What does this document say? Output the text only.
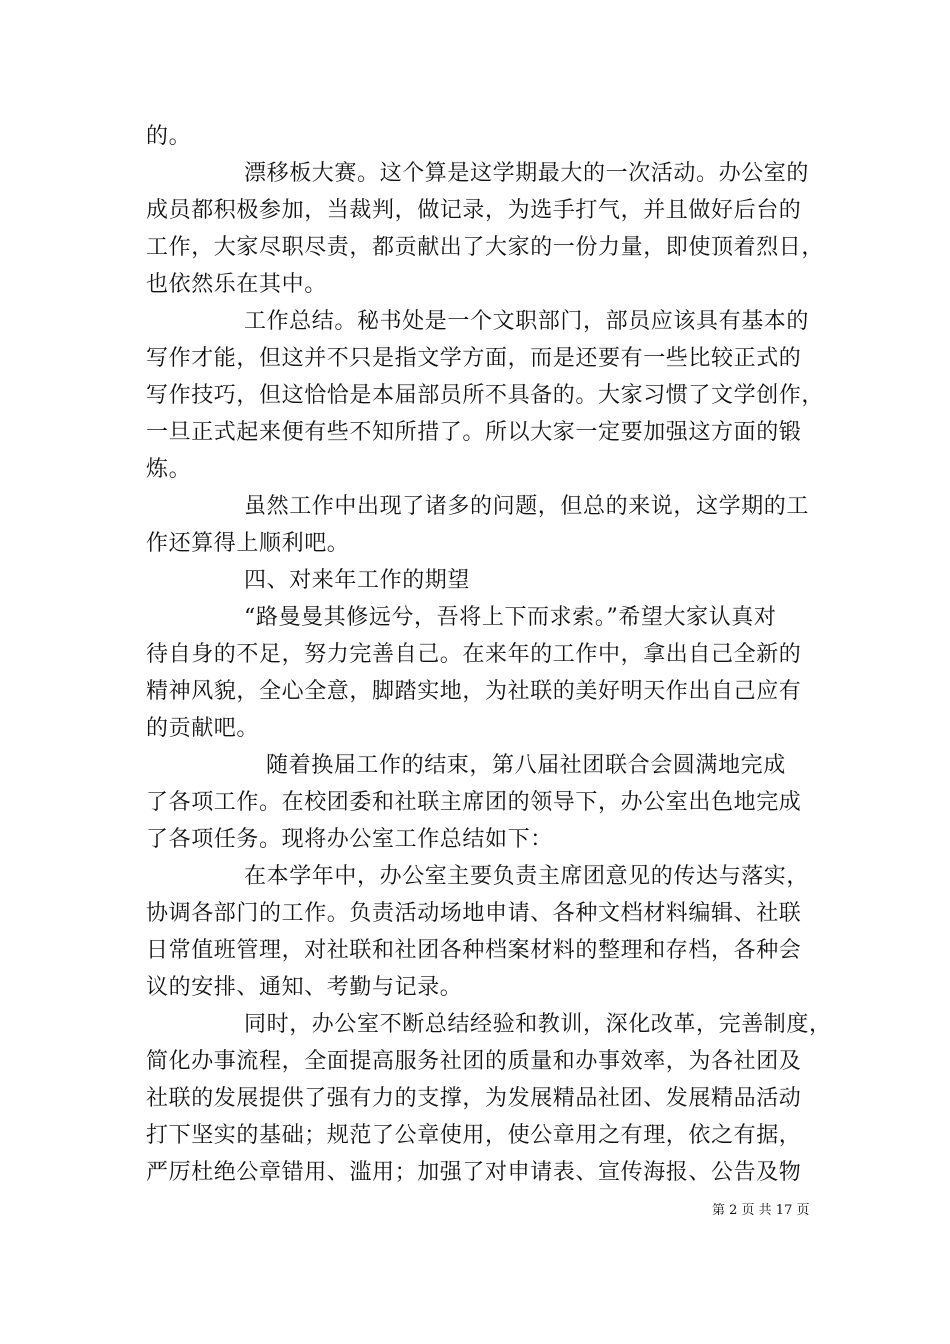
的。
漂移板大赛。这个算是这学期最大的一次活动。办公室的
成员都积极参加，当裁判，做记录，为选手打气，并且做好后台的
工作，大家尽职尽责，都贡献出了大家的一份力量，即使顶着烈日，
也依然乐在其中。
工作总结。秘书处是一个文职部门，部员应该具有基本的
写作才能，但这并不只是指文学方面，而是还要有一些比较正式的
写作技巧，但这恰恰是本届部员所不具备的。大家习惯了文学创作，
一旦正式起来便有些不知所措了。所以大家一定要加强这方面的锻
炼。
虽然工作中出现了诸多的问题，但总的来说，这学期的工
作还算得上顺利吧。
四、对来年工作的期望
“路曼曼其修远兮，吾将上下而求索。”希望大家认真对
待自身的不足，努力完善自己。在来年的工作中，拿出自己全新的
精神风貌，全心全意，脚踏实地，为社联的美好明天作出自己应有
的贡献吧。
随着换届工作的结束，第八届社团联合会圆满地完成
了各项工作。在校团委和社联主席团的领导下，办公室出色地完成
了各项任务。现将办公室工作总结如下：
在本学年中，办公室主要负责主席团意见的传达与落实，
协调各部门的工作。负责活动场地申请、各种文档材料编辑、社联
日常值班管理，对社联和社团各种档案材料的整理和存档，各种会
议的安排、通知、考勤与记录。
同时，办公室不断总结经验和教训，深化改革，完善制度，
简化办事流程，全面提高服务社团的质量和办事效率，为各社团及
社联的发展提供了强有力的支撑，为发展精品社团、发展精品活动
打下坚实的基础；规范了公章使用，使公章用之有理，依之有据，
严厉杜绝公章错用、滥用；加强了对申请表、宣传海报、公告及物
第 2 页 共 17 页
